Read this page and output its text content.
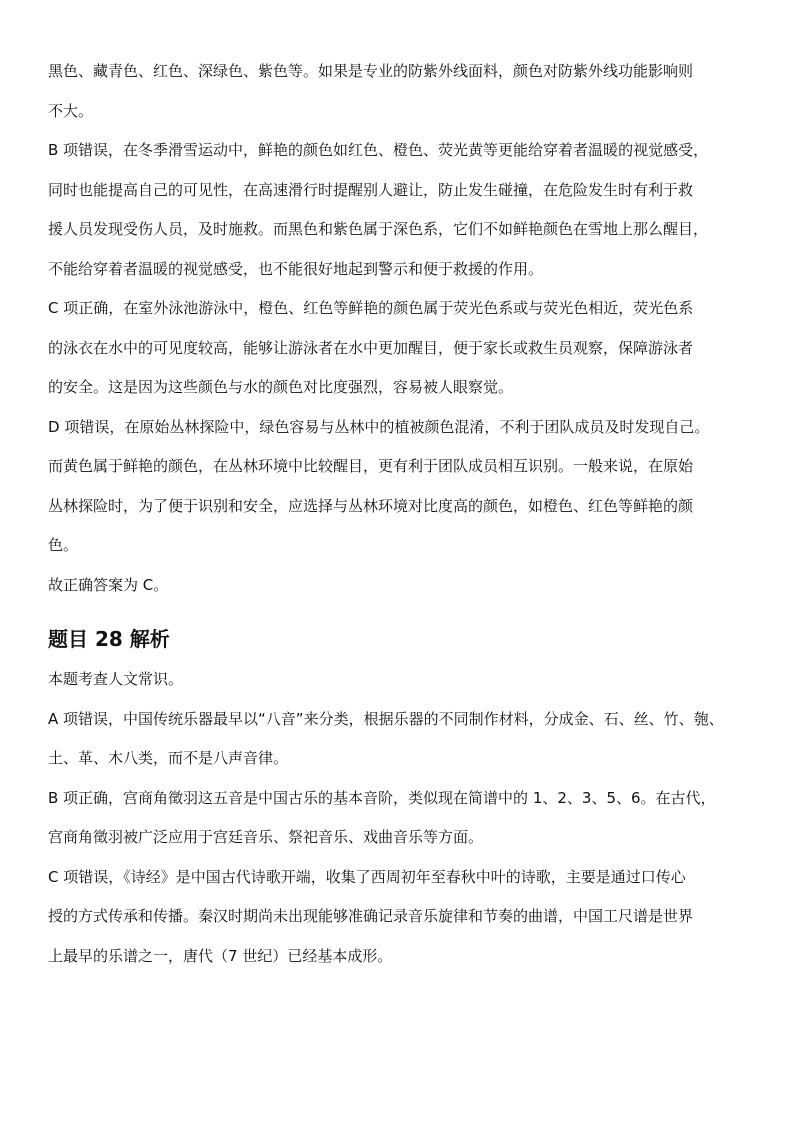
黑色、藏青色、红色、深绿色、紫色等。如果是专业的防紫外线面料，颜色对防紫外线功能影响则
不大。

B 项错误，在冬季滑雪运动中，鲜艳的颜色如红色、橙色、荧光黄等更能给穿着者温暖的视觉感受，
同时也能提高自己的可见性，在高速滑行时提醒别人避让，防止发生碰撞，在危险发生时有利于救
援人员发现受伤人员，及时施救。而黑色和紫色属于深色系，它们不如鲜艳颜色在雪地上那么醒目，
不能给穿着者温暖的视觉感受，也不能很好地起到警示和便于救援的作用。

C 项正确，在室外泳池游泳中，橙色、红色等鲜艳的颜色属于荧光色系或与荧光色相近，荧光色系
的泳衣在水中的可见度较高，能够让游泳者在水中更加醒目，便于家长或救生员观察，保障游泳者
的安全。这是因为这些颜色与水的颜色对比度强烈，容易被人眼察觉。

D 项错误，在原始丛林探险中，绿色容易与丛林中的植被颜色混淆，不利于团队成员及时发现自己。
而黄色属于鲜艳的颜色，在丛林环境中比较醒目，更有利于团队成员相互识别。一般来说，在原始
丛林探险时，为了便于识别和安全，应选择与丛林环境对比度高的颜色，如橙色、红色等鲜艳的颜
色。

故正确答案为 C。

题目 28 解析

本题考查人文常识。

A 项错误，中国传统乐器最早以“八音”来分类，根据乐器的不同制作材料，分成金、石、丝、竹、匏、
土、革、木八类，而不是八声音律。

B 项正确，宫商角徵羽这五音是中国古乐的基本音阶，类似现在简谱中的 1、2、3、5、6。在古代，
宫商角徵羽被广泛应用于宫廷音乐、祭祀音乐、戏曲音乐等方面。

C 项错误，《诗经》是中国古代诗歌开端，收集了西周初年至春秋中叶的诗歌，主要是通过口传心
授的方式传承和传播。秦汉时期尚未出现能够准确记录音乐旋律和节奏的曲谱，中国工尺谱是世界
上最早的乐谱之一，唐代（7 世纪）已经基本成形。
